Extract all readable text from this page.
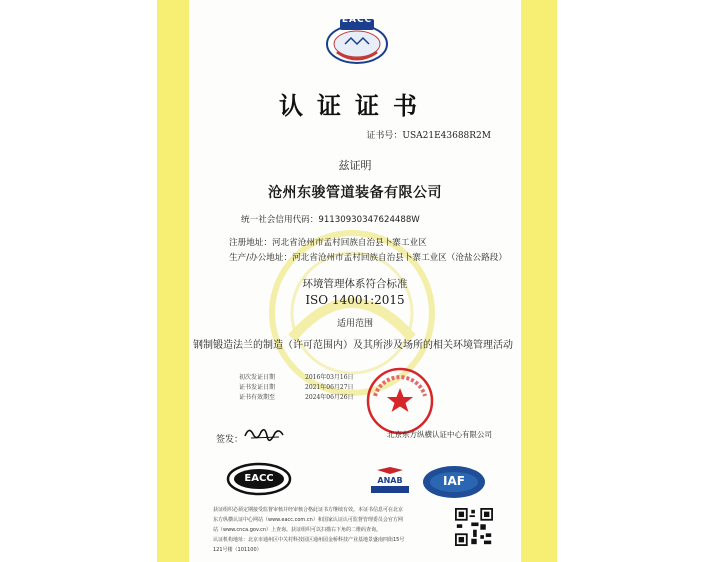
EACC
认证证书
证书号：USA21E43688R2M
兹证明
沧州东骏管道装备有限公司
统一社会信用代码：91130930347624488W
注册地址：河北省沧州市孟村回族自治县卜寨工业区
生产/办公地址：河北省沧州市孟村回族自治县卜寨工业区（沧盐公路段）
环境管理体系符合标准
ISO 14001:2015
适用范围
钢制锻造法兰的制造（许可范围内）及其所涉及场所的相关环境管理活动
初次发证日期	2016年03月16日
证书发证日期	2021年06月27日
证书有效期至	2024年06月26日
北京东方纵横认证中心有限公司
签发：
EACC	ANAB	IAF
获证组织必须定期接受监督审核并经审核合格此证书方继续有效。本证书信息可在北京
东方纵横认证中心网站（www.eacc.com.cn）和国家认证认可监督管理委员会官方网
站（www.cnca.gov.cn）上查询。获证组织可以扫描右下角的二维码查询。
认证机构地址：北京市通州区中关村科技园区通州园金桥科技产业基地景盛南四街15号
121号楼（101100）
